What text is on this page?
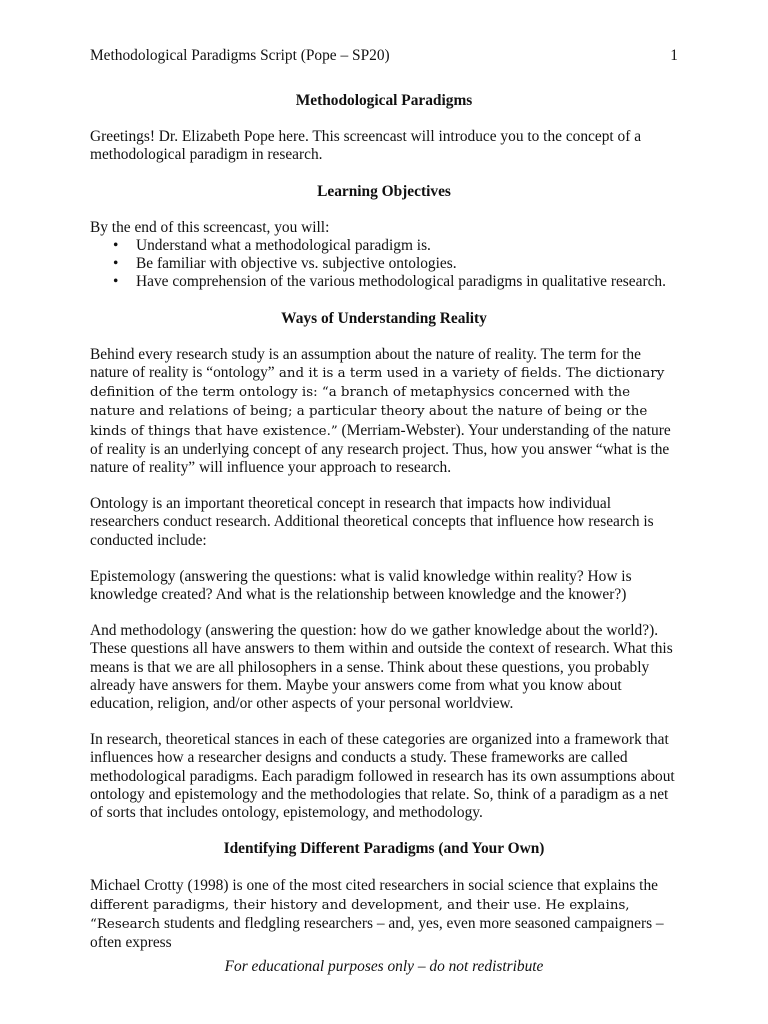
Methodological Paradigms Script (Pope – SP20)	1
Methodological Paradigms

Greetings! Dr. Elizabeth Pope here. This screencast will introduce you to the concept of a methodological paradigm in research.

Learning Objectives
By the end of this screencast, you will:
• Understand what a methodological paradigm is.
• Be familiar with objective vs. subjective ontologies.
• Have comprehension of the various methodological paradigms in qualitative research.
Ways of Understanding Reality

Behind every research study is an assumption about the nature of reality. The term for the nature of reality is “ontology” and it is a term used in a variety of fields. The dictionary definition of the term ontology is: “a branch of metaphysics concerned with the nature and relations of being; a particular theory about the nature of being or the kinds of things that have existence.” (Merriam-Webster). Your understanding of the nature of reality is an underlying concept of any research project. Thus, how you answer “what is the nature of reality” will influence your approach to research.

Ontology is an important theoretical concept in research that impacts how individual researchers conduct research. Additional theoretical concepts that influence how research is conducted include:

Epistemology (answering the questions: what is valid knowledge within reality? How is knowledge created? And what is the relationship between knowledge and the knower?)

And methodology (answering the question: how do we gather knowledge about the world?). These questions all have answers to them within and outside the context of research. What this means is that we are all philosophers in a sense. Think about these questions, you probably already have answers for them. Maybe your answers come from what you know about education, religion, and/or other aspects of your personal worldview.

In research, theoretical stances in each of these categories are organized into a framework that influences how a researcher designs and conducts a study. These frameworks are called methodological paradigms. Each paradigm followed in research has its own assumptions about ontology and epistemology and the methodologies that relate. So, think of a paradigm as a net of sorts that includes ontology, epistemology, and methodology.

Identifying Different Paradigms (and Your Own)

Michael Crotty (1998) is one of the most cited researchers in social science that explains the different paradigms, their history and development, and their use. He explains, “Research students and fledgling researchers – and, yes, even more seasoned campaigners – often express

For educational purposes only – do not redistribute
